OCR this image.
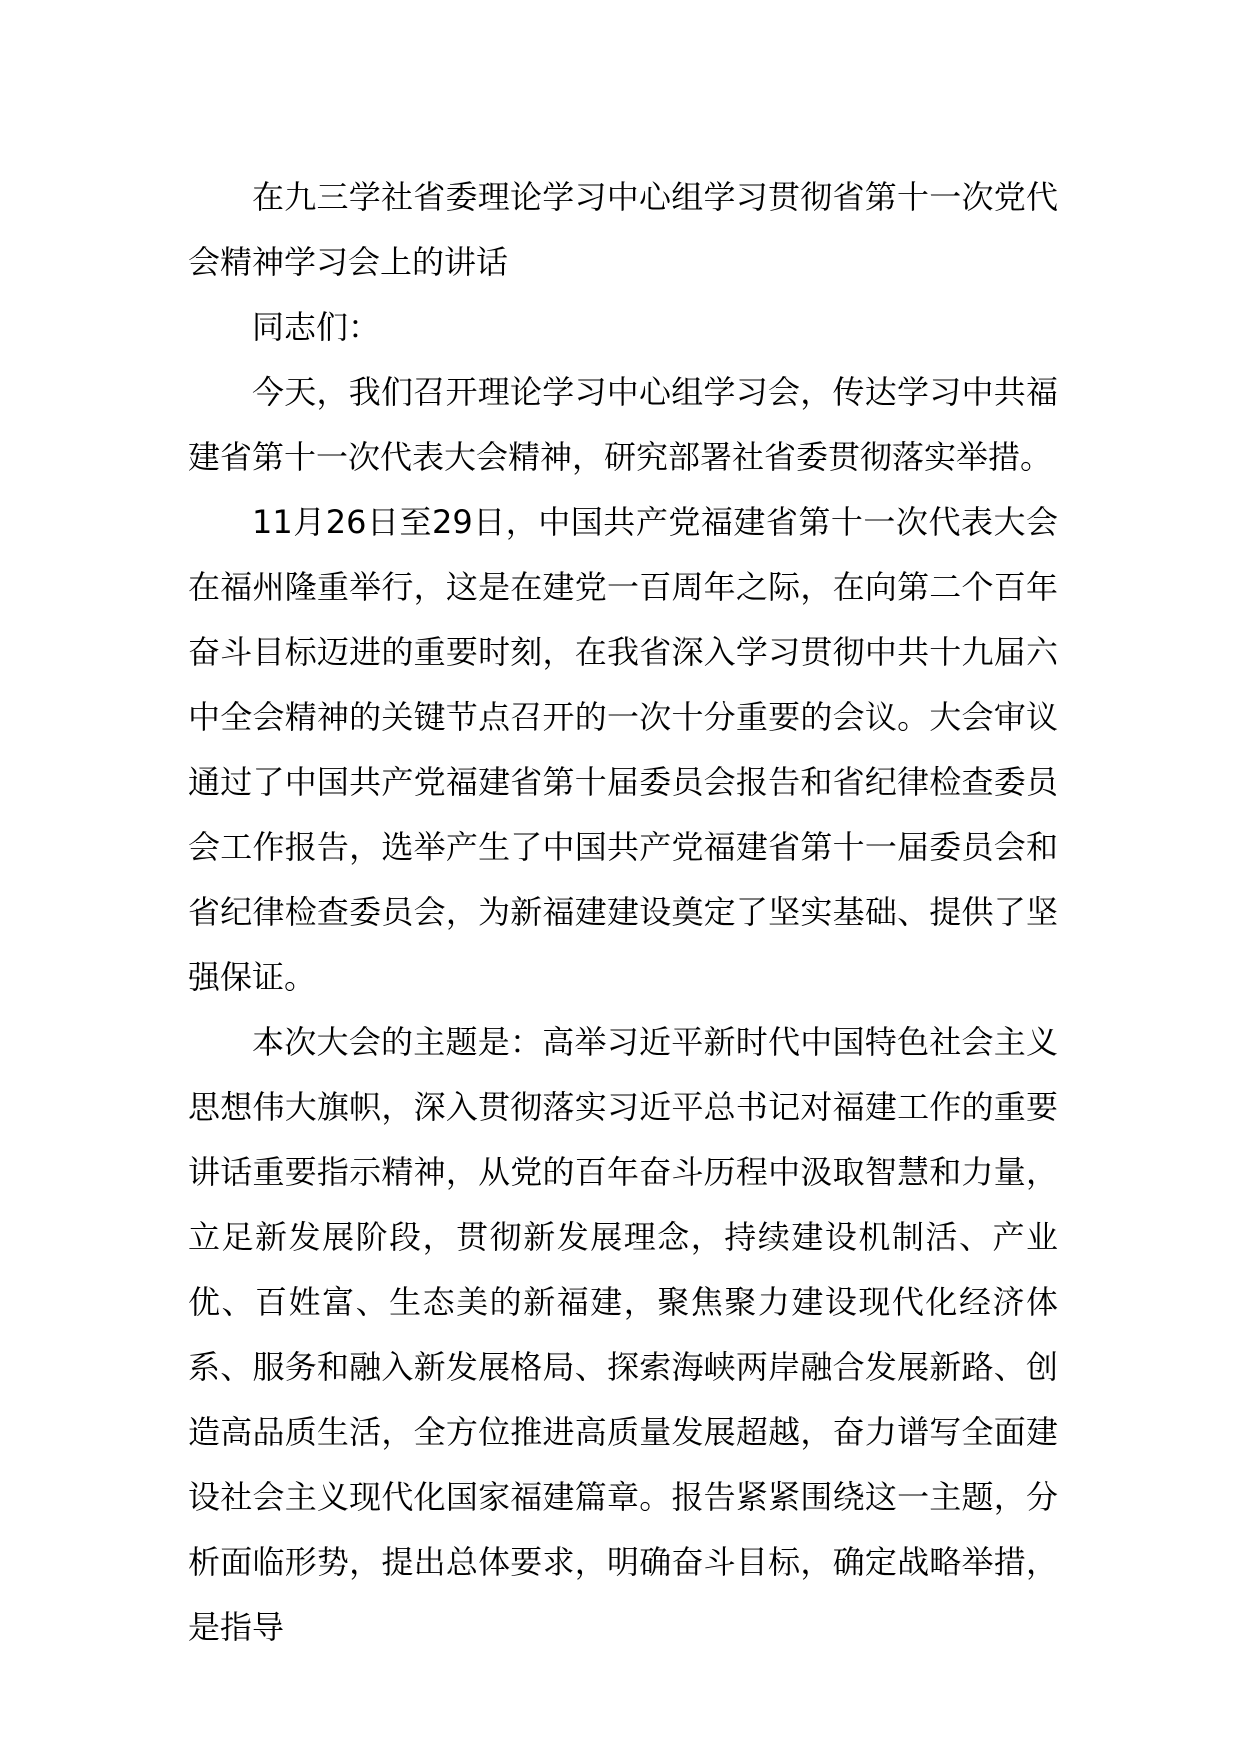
在九三学社省委理论学习中心组学习贯彻省第十一次党代会精神学习会上的讲话

同志们：

今天，我们召开理论学习中心组学习会，传达学习中共福建省第十一次代表大会精神，研究部署社省委贯彻落实举措。

11月26日至29日，中国共产党福建省第十一次代表大会在福州隆重举行，这是在建党一百周年之际，在向第二个百年奋斗目标迈进的重要时刻，在我省深入学习贯彻中共十九届六中全会精神的关键节点召开的一次十分重要的会议。大会审议通过了中国共产党福建省第十届委员会报告和省纪律检查委员会工作报告，选举产生了中国共产党福建省第十一届委员会和省纪律检查委员会，为新福建建设奠定了坚实基础、提供了坚强保证。

本次大会的主题是：高举习近平新时代中国特色社会主义思想伟大旗帜，深入贯彻落实习近平总书记对福建工作的重要讲话重要指示精神，从党的百年奋斗历程中汲取智慧和力量，立足新发展阶段，贯彻新发展理念，持续建设机制活、产业优、百姓富、生态美的新福建，聚焦聚力建设现代化经济体系、服务和融入新发展格局、探索海峡两岸融合发展新路、创造高品质生活，全方位推进高质量发展超越，奋力谱写全面建设社会主义现代化国家福建篇章。报告紧紧围绕这一主题，分析面临形势，提出总体要求，明确奋斗目标，确定战略举措，是指导
